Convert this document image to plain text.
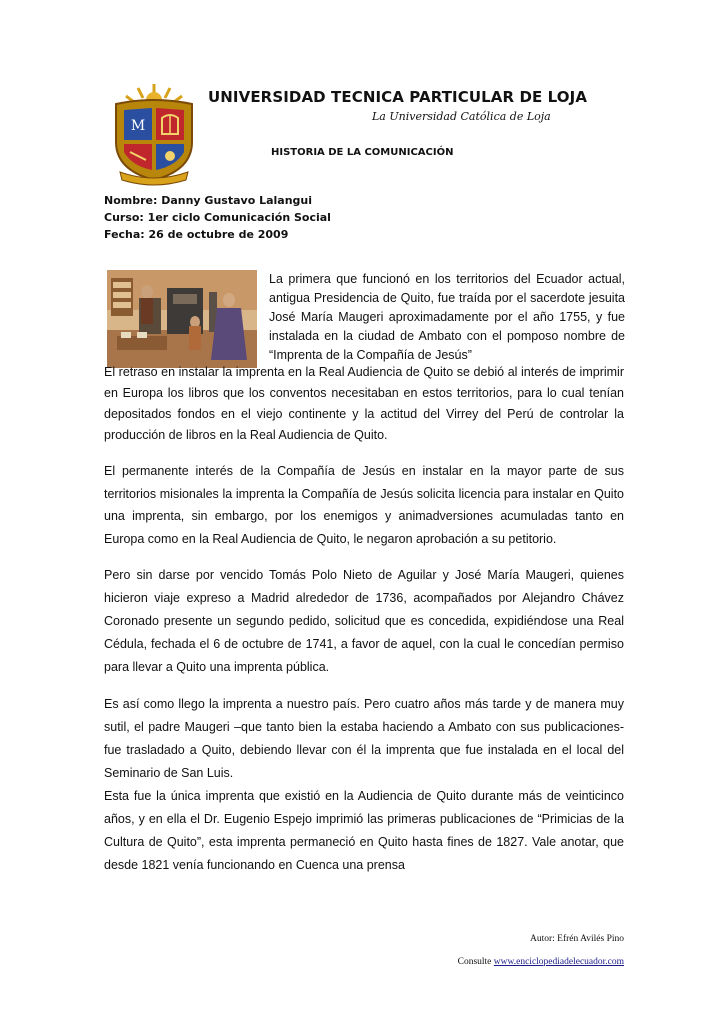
M
UNIVERSIDAD TECNICA PARTICULAR DE LOJA
La Universidad Católica de Loja
HISTORIA DE LA COMUNICACIÓN
Nombre: Danny Gustavo Lalangui
Curso: 1er ciclo Comunicación Social
Fecha: 26 de octubre de 2009
La primera que funcionó en los territorios del Ecuador actual, antigua Presidencia de Quito, fue traída por el sacerdote jesuita José María Maugeri aproximadamente por el año 1755, y fue instalada en la ciudad de Ambato con el pomposo nombre de “Imprenta de la Compañía de Jesús”

El retraso en instalar la imprenta en la Real Audiencia de Quito se debió al interés de imprimir en Europa los libros que los conventos necesitaban en estos territorios, para lo cual tenían depositados fondos en el viejo continente y la actitud del Virrey del Perú de controlar la producción de libros en la Real Audiencia de Quito.

El permanente interés de la Compañía de Jesús en instalar en la mayor parte de sus territorios misionales la imprenta la Compañía de Jesús solicita licencia para instalar en Quito una imprenta, sin embargo, por los enemigos y animadversiones acumuladas tanto en Europa como en la Real Audiencia de Quito, le negaron aprobación a su petitorio.

Pero sin darse por vencido Tomás Polo Nieto de Aguilar y José María Maugeri, quienes hicieron viaje expreso a Madrid alrededor de 1736, acompañados por Alejandro Chávez Coronado presente un segundo pedido, solicitud que es concedida, expidiéndose una Real Cédula, fechada el 6 de octubre de 1741, a favor de aquel, con la cual le concedían permiso para llevar a Quito una imprenta pública.

Es así como llego la imprenta a nuestro país. Pero cuatro años más tarde y de manera muy sutil, el padre Maugeri –que tanto bien la estaba haciendo a Ambato con sus publicaciones- fue trasladado a Quito, debiendo llevar con él la imprenta que fue instalada en el local del Seminario de San Luis.

Esta fue la única imprenta que existió en la Audiencia de Quito durante más de veinticinco años, y en ella el Dr. Eugenio Espejo imprimió las primeras publicaciones de “Primicias de la Cultura de Quito”, esta imprenta permaneció en Quito hasta fines de 1827. Vale anotar, que desde 1821 venía funcionando en Cuenca una prensa

Autor: Efrén Avilés Pino
Consulte www.enciclopediadelecuador.com
